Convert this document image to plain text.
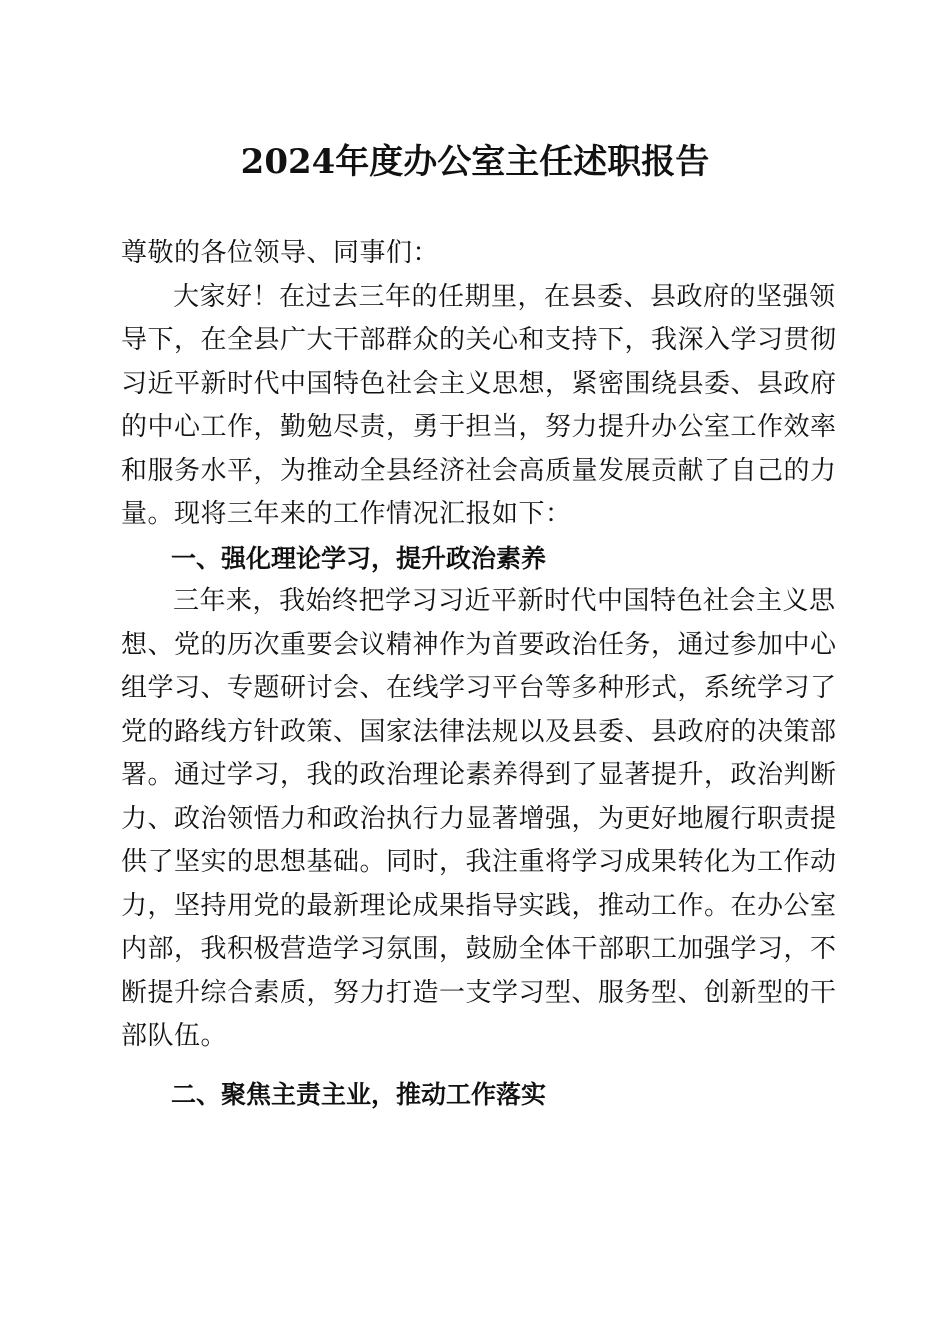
2024年度办公室主任述职报告

尊敬的各位领导、同事们：

大家好！在过去三年的任期里，在县委、县政府的坚强领

导下，在全县广大干部群众的关心和支持下，我深入学习贯彻

习近平新时代中国特色社会主义思想，紧密围绕县委、县政府

的中心工作，勤勉尽责，勇于担当，努力提升办公室工作效率

和服务水平，为推动全县经济社会高质量发展贡献了自己的力

量。现将三年来的工作情况汇报如下：

一、强化理论学习，提升政治素养

三年来，我始终把学习习近平新时代中国特色社会主义思

想、党的历次重要会议精神作为首要政治任务，通过参加中心

组学习、专题研讨会、在线学习平台等多种形式，系统学习了

党的路线方针政策、国家法律法规以及县委、县政府的决策部

署。通过学习，我的政治理论素养得到了显著提升，政治判断

力、政治领悟力和政治执行力显著增强，为更好地履行职责提

供了坚实的思想基础。同时，我注重将学习成果转化为工作动

力，坚持用党的最新理论成果指导实践，推动工作。在办公室

内部，我积极营造学习氛围，鼓励全体干部职工加强学习，不

断提升综合素质，努力打造一支学习型、服务型、创新型的干

部队伍。

二、聚焦主责主业，推动工作落实
